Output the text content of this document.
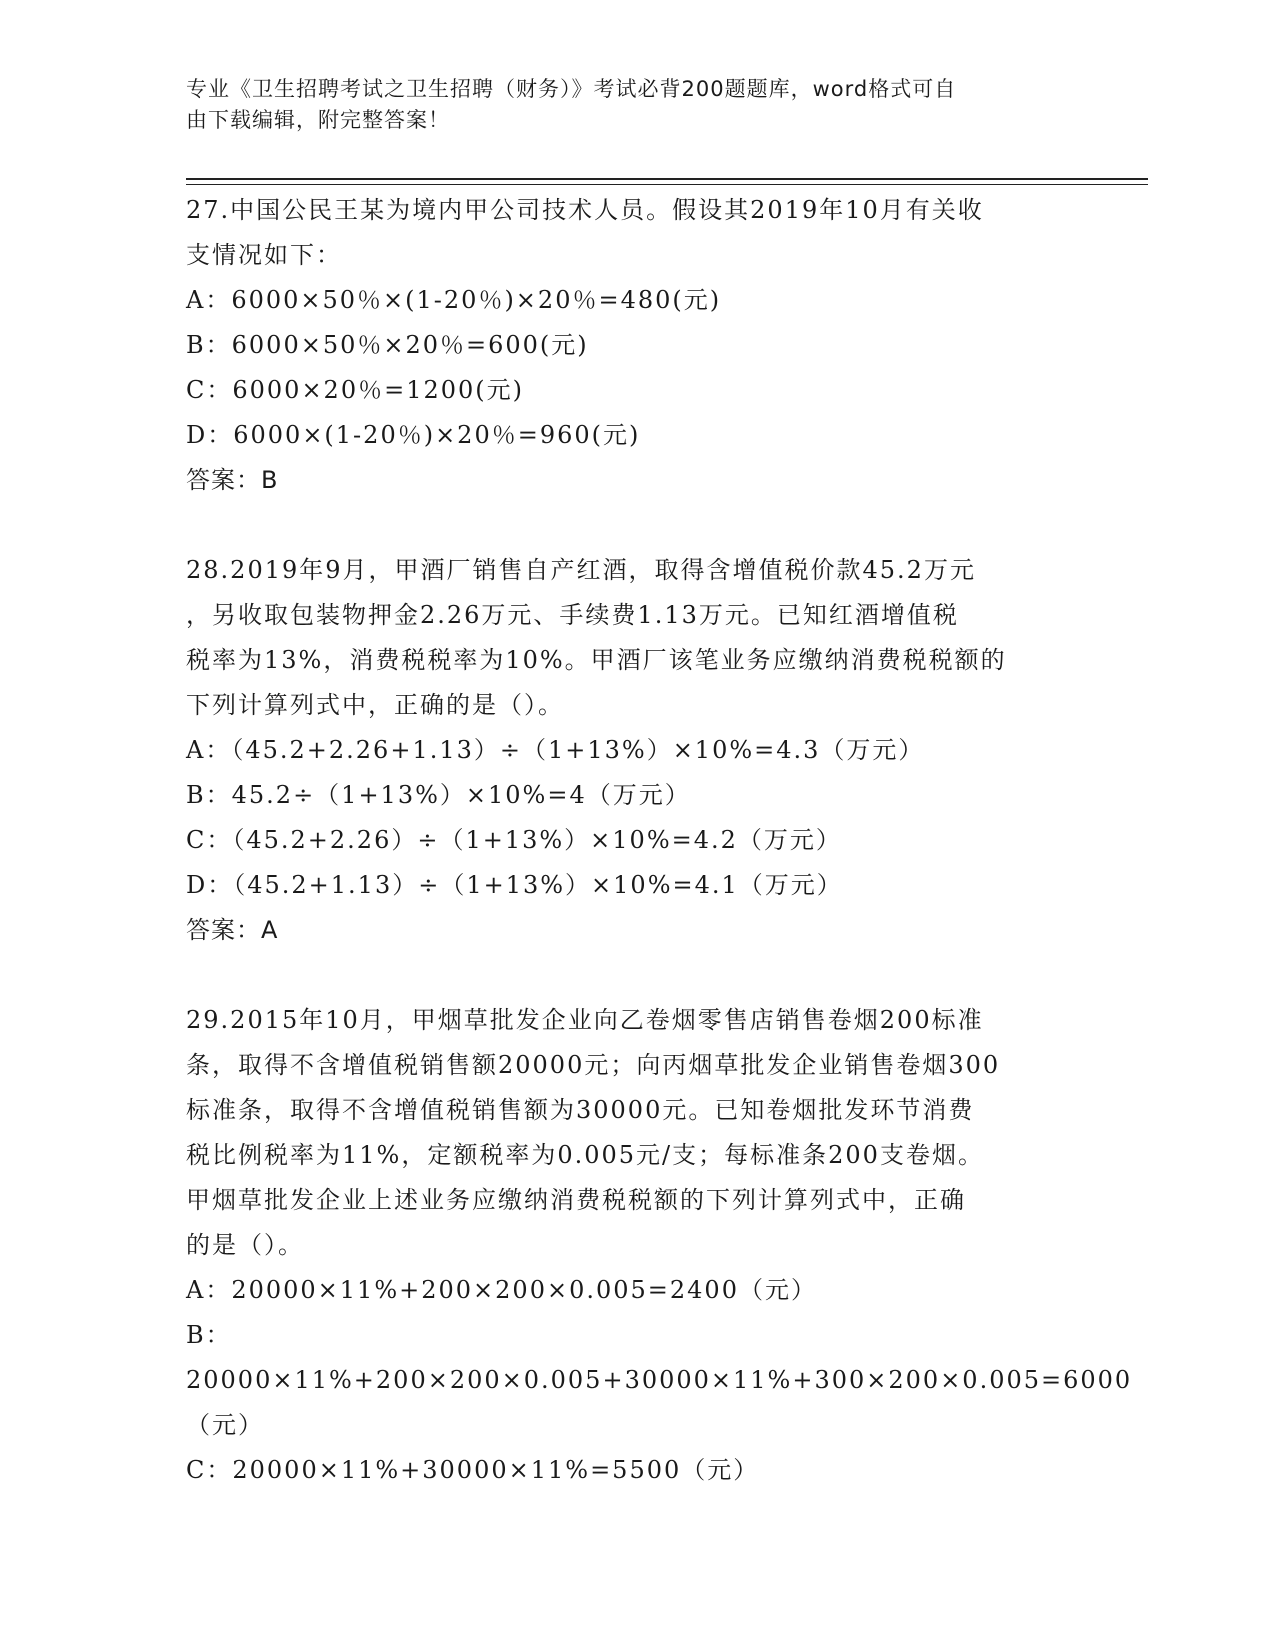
专业《卫生招聘考试之卫生招聘（财务）》考试必背200题题库，word格式可自
由下载编辑，附完整答案！
27.中国公民王某为境内甲公司技术人员。假设其2019年10月有关收
支情况如下：
A：6000×50％×(1-20％)×20％=480(元)
B：6000×50％×20％=600(元)
C：6000×20％=1200(元)
D：6000×(1-20％)×20％=960(元)
答案：B
28.2019年9月，甲酒厂销售自产红酒，取得含增值税价款45.2万元
，另收取包装物押金2.26万元、手续费1.13万元。已知红酒增值税
税率为13%，消费税税率为10%。甲酒厂该笔业务应缴纳消费税税额的
下列计算列式中，正确的是（）。
A：（45.2+2.26+1.13）÷（1+13%）×10%=4.3（万元）
B：45.2÷（1+13%）×10%=4（万元）
C：（45.2+2.26）÷（1+13%）×10%=4.2（万元）
D：（45.2+1.13）÷（1+13%）×10%=4.1（万元）
答案：A
29.2015年10月，甲烟草批发企业向乙卷烟零售店销售卷烟200标准
条，取得不含增值税销售额20000元；向丙烟草批发企业销售卷烟300
标准条，取得不含增值税销售额为30000元。已知卷烟批发环节消费
税比例税率为11%，定额税率为0.005元/支；每标准条200支卷烟。
甲烟草批发企业上述业务应缴纳消费税税额的下列计算列式中，正确
的是（）。
A：20000×11%+200×200×0.005=2400（元）
B：20000×11%+200×200×0.005+30000×11%+300×200×0.005=6000
（元）
C：20000×11%+30000×11%=5500（元）
